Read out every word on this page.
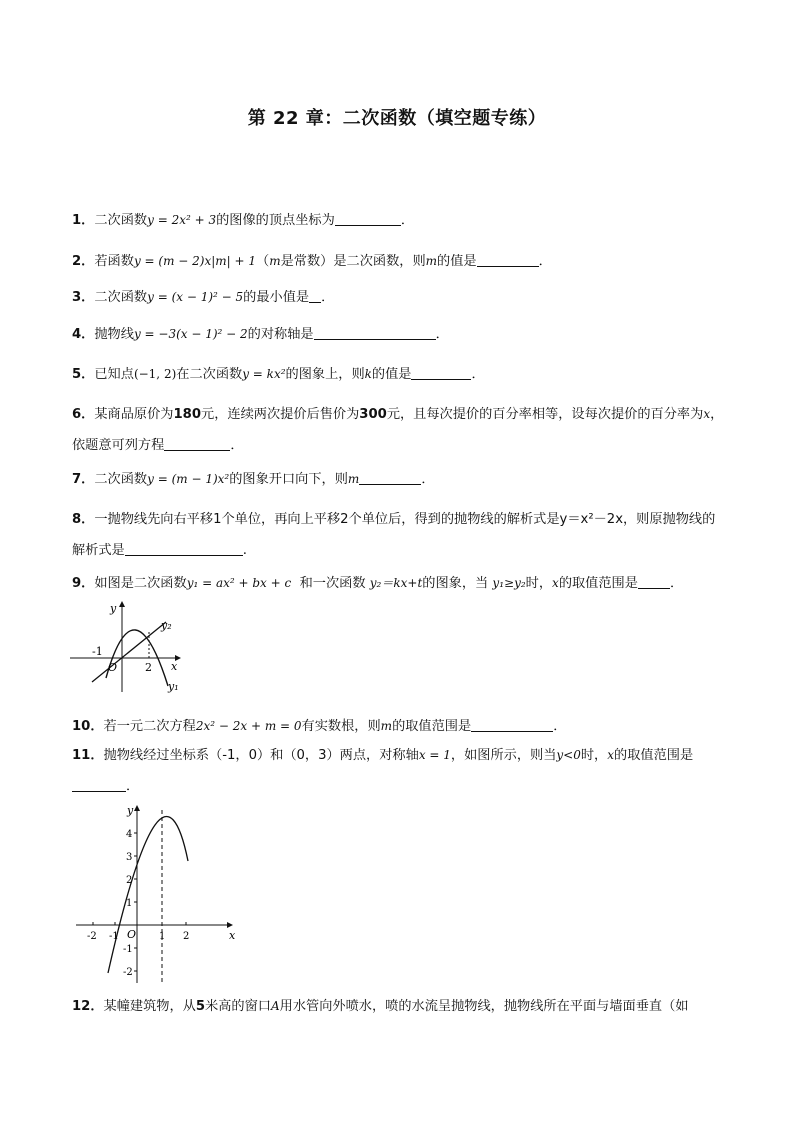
第 22 章：二次函数（填空题专练）
1．二次函数y = 2x² + 3的图像的顶点坐标为	．
2．若函数y = (m − 2)x|m| + 1（m是常数）是二次函数，则m的值是	．
3．二次函数y = (x − 1)² − 5的最小值是 ．
4．抛物线y = −3(x − 1)² − 2的对称轴是	．
5．已知点(−1, 2)在二次函数y = kx²的图象上，则k的值是	．
6．某商品原价为180元，连续两次提价后售价为300元，且每次提价的百分率相等，设每次提价的百分率为x，依题意可列方程	．
7．二次函数y = (m − 1)x²的图象开口向下，则m	．
8．一抛物线先向右平移1个单位，再向上平移2个单位后，得到的抛物线的解析式是y＝x²－2x，则原抛物线的解析式是	.
9．如图是二次函数y₁ = ax² + bx + c 和一次函数 y₂＝kx+t的图象，当 y₁≥y₂时，x的取值范围是 ．
y
x
O
-1
2
y₂
y₁
10．若一元二次方程2x² − 2x + m = 0有实数根，则m的取值范围是	．
11．抛物线经过坐标系（-1，0）和（0，3）两点，对称轴x = 1，如图所示，则当y<0时，x的取值范围是
．
y
x
O
4
3
2
1
-1
-2
-2 -1	1 2
12．某幢建筑物，从5米高的窗口A用水管向外喷水，喷的水流呈抛物线，抛物线所在平面与墙面垂直（如
